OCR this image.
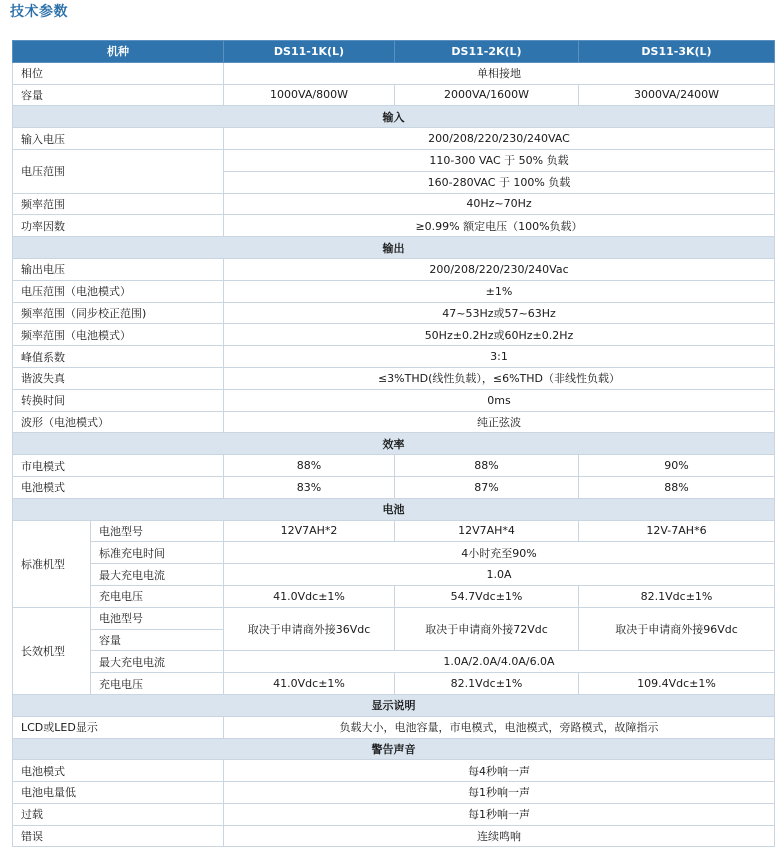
技术参数
机种		DS11-1K(L)	DS11-2K(L)	DS11-3K(L)
相位		单相接地		
容量		1000VA/800W	2000VA/1600W	3000VA/2400W
输入				
输入电压		200/208/220/230/240VAC		
电压范围		110-300 VAC 于 50% 负载		
		160-280VAC 于 100% 负载		
频率范围		40Hz~70Hz		
功率因数		≥0.99% 额定电压（100%负载）		
输出				
输出电压		200/208/220/230/240Vac		
电压范围（电池模式）		±1%		
频率范围（同步校正范围)		47~53Hz或57~63Hz		
频率范围（电池模式）		50Hz±0.2Hz或60Hz±0.2Hz		
峰值系数		3:1		
谐波失真		≤3%THD(线性负载），≤6%THD（非线性负载）		
转换时间		0ms		
波形（电池模式）		纯正弦波		
效率				
市电模式		88%	88%	90%
电池模式		83%	87%	88%
电池				
标准机型	电池型号	12V7AH*2	12V7AH*4	12V-7AH*6
	标准充电时间	4小时充至90%		
	最大充电电流	1.0A		
	充电电压	41.0Vdc±1%	54.7Vdc±1%	82.1Vdc±1%
长效机型	电池型号	取决于申请商外接36Vdc	取决于申请商外接72Vdc	取决于申请商外接96Vdc
	容量			
	最大充电电流	1.0A/2.0A/4.0A/6.0A		
	充电电压	41.0Vdc±1%	82.1Vdc±1%	109.4Vdc±1%
显示说明				
LCD或LED显示		负载大小，电池容量，市电模式，电池模式，旁路模式，故障指示		
警告声音				
电池模式		每4秒响一声		
电池电量低		每1秒响一声		
过载		每1秒响一声		
错误		连续鸣响		
